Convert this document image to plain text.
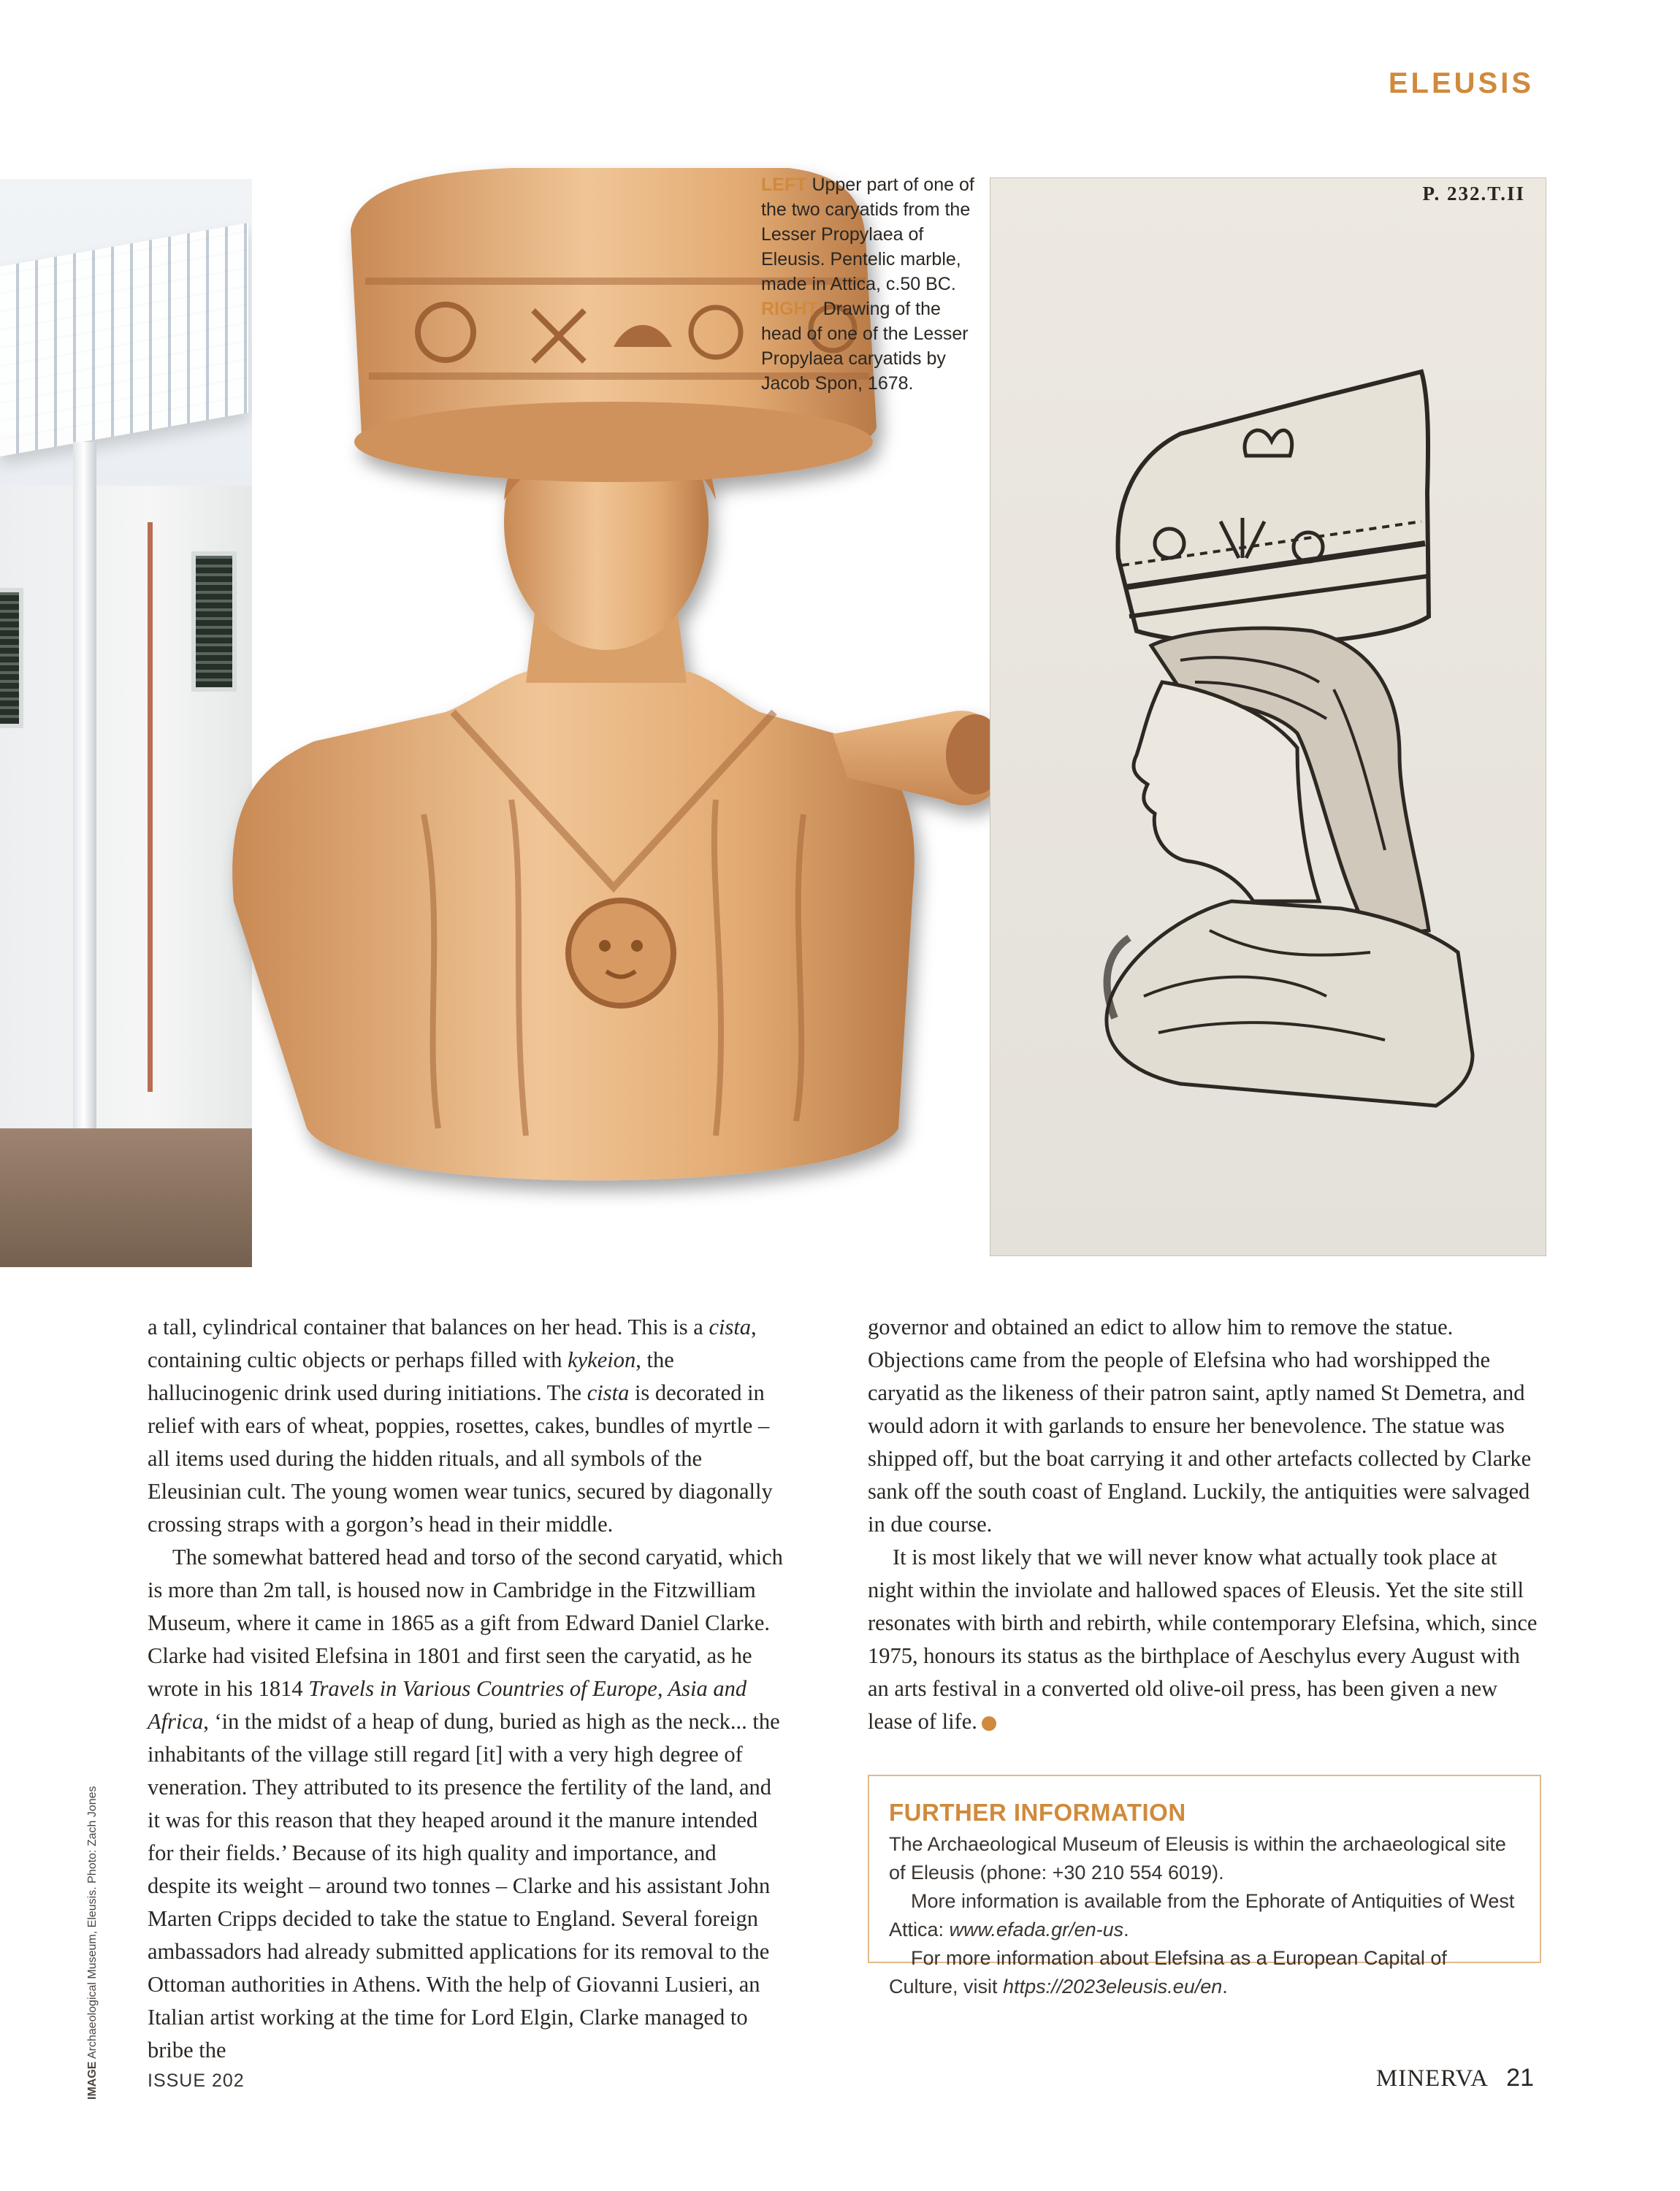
ELEUSIS
LEFT Upper part of one of the two caryatids from the Lesser Propylaea of Eleusis. Pentelic marble, made in Attica, c.50 BC. RIGHT Drawing of the head of one of the Lesser Propylaea caryatids by Jacob Spon, 1678.
P. 232.T.II
IMAGE Archaeological Museum, Eleusis. Photo: Zach Jones

a tall, cylindrical container that balances on her head. This is a cista, containing cultic objects or perhaps filled with kykeion, the hallucinogenic drink used during initiations. The cista is decorated in relief with ears of wheat, poppies, rosettes, cakes, bundles of myrtle – all items used during the hidden rituals, and all symbols of the Eleusinian cult. The young women wear tunics, secured by diagonally crossing straps with a gorgon’s head in their middle.

The somewhat battered head and torso of the second caryatid, which is more than 2m tall, is housed now in Cambridge in the Fitzwilliam Museum, where it came in 1865 as a gift from Edward Daniel Clarke. Clarke had visited Elefsina in 1801 and first seen the caryatid, as he wrote in his 1814 Travels in Various Countries of Europe, Asia and Africa, ‘in the midst of a heap of dung, buried as high as the neck... the inhabitants of the village still regard [it] with a very high degree of veneration. They attributed to its presence the fertility of the land, and it was for this reason that they heaped around it the manure intended for their fields.’ Because of its high quality and importance, and despite its weight – around two tonnes – Clarke and his assistant John Marten Cripps decided to take the statue to England. Several foreign ambassadors had already submitted applications for its removal to the Ottoman authorities in Athens. With the help of Giovanni Lusieri, an Italian artist working at the time for Lord Elgin, Clarke managed to bribe the

governor and obtained an edict to allow him to remove the statue. Objections came from the people of Elefsina who had worshipped the caryatid as the likeness of their patron saint, aptly named St Demetra, and would adorn it with garlands to ensure her benevolence. The statue was shipped off, but the boat carrying it and other artefacts collected by Clarke sank off the south coast of England. Luckily, the antiquities were salvaged in due course.

It is most likely that we will never know what actually took place at night within the inviolate and hallowed spaces of Eleusis. Yet the site still resonates with birth and rebirth, while contemporary Elefsina, which, since 1975, honours its status as the birthplace of Aeschylus every August with an arts festival in a converted old olive-oil press, has been given a new lease of life.	M

FURTHER INFORMATION

The Archaeological Museum of Eleusis is within the archaeological site of Eleusis (phone: +30 210 554 6019).

More information is available from the Ephorate of Antiquities of West Attica: www.efada.gr/en-us.

For more information about Elefsina as a European Capital of Culture, visit https://2023eleusis.eu/en.

ISSUE 202	MINERVA 21
